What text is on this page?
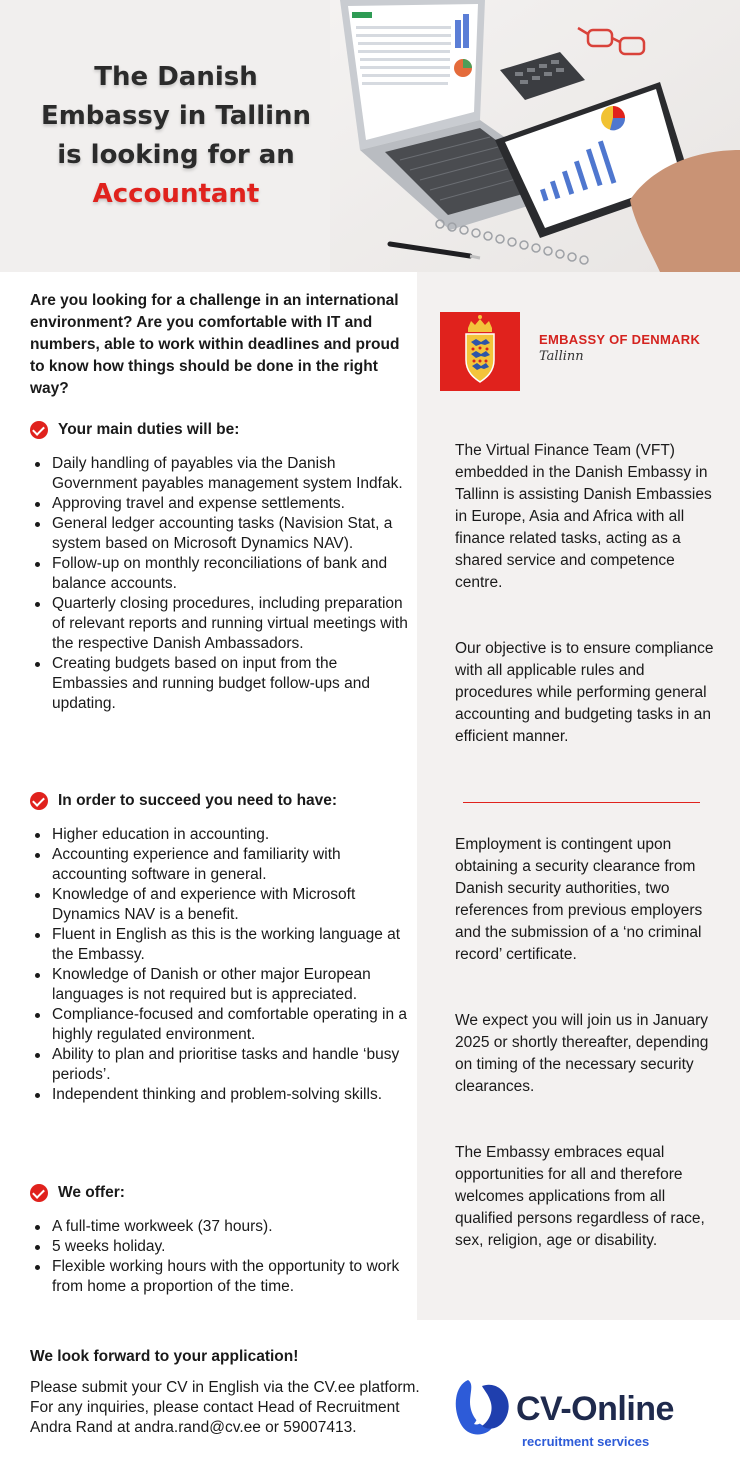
The Danish
Embassy in Tallinn
is looking for an
Accountant

Are you looking for a challenge in an international environment? Are you comfortable with IT and numbers, able to work within deadlines and proud to know how things should be done in the right way?

Your main duties will be:
Daily handling of payables via the Danish Government payables management system Indfak.
Approving travel and expense settlements.
General ledger accounting tasks (Navision Stat, a system based on Microsoft Dynamics NAV).
Follow-up on monthly reconciliations of bank and balance accounts.
Quarterly closing procedures, including preparation of relevant reports and running virtual meetings with the respective Danish Ambassadors.
Creating budgets based on input from the Embassies and running budget follow-ups and updating.
In order to succeed you need to have:
Higher education in accounting.
Accounting experience and familiarity with accounting software in general.
Knowledge of and experience with Microsoft Dynamics NAV is a benefit.
Fluent in English as this is the working language at the Embassy.
Knowledge of Danish or other major European languages is not required but is appreciated.
Compliance-focused and comfortable operating in a highly regulated environment.
Ability to plan and prioritise tasks and handle ‘busy periods’.
Independent thinking and problem-solving skills.
We offer:
A full-time workweek (37 hours).
5 weeks holiday.
Flexible working hours with the opportunity to work from home a proportion of the time.
We look forward to your application!

Please submit your CV in English via the CV.ee platform. For any inquiries, please contact Head of Recruitment Andra Rand at andra.rand@cv.ee or 59007413.

EMBASSY OF DENMARK
Tallinn

The Virtual Finance Team (VFT) embedded in the Danish Embassy in Tallinn is assisting Danish Embassies in Europe, Asia and Africa with all finance related tasks, acting as a shared service and competence centre.

Our objective is to ensure compliance with all applicable rules and procedures while performing general accounting and budgeting tasks in an efficient manner.

Employment is contingent upon obtaining a security clearance from Danish security authorities, two references from previous employers and the submission of a ‘no criminal record’ certificate.

We expect you will join us in January 2025 or shortly thereafter, depending on timing of the necessary security clearances.

The Embassy embraces equal opportunities for all and therefore welcomes applications from all qualified persons regardless of race, sex, religion, age or disability.

CV-Online
recruitment services
